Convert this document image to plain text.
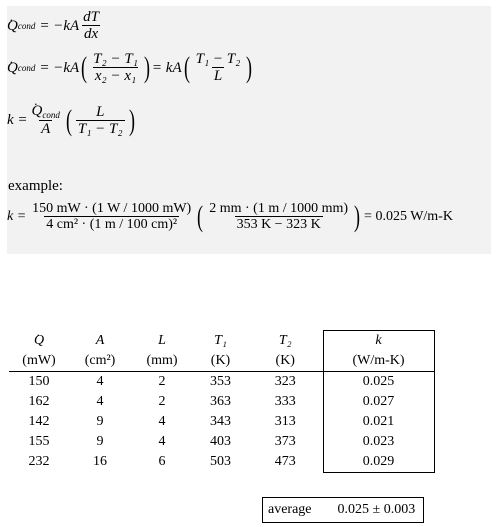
. Q cond = $-kA \frac{dT}{dx}$
. Q cond = −kA ( $\frac{\text{T₂ − T₁}}{\text{x₂ − x₁}}$ ) = kA ( $\frac{\text{T₁ − T₂}}{L}$ )
k = . $\frac{Q_{cond}}{A}$ ( $\frac{L}{\text{T₁ − T₂}}$ )
example:
$k = \frac{150 mW \cdot (1 W / 1000 mW)}{\text{4 cm² · (1 m / 100 cm)²}}$ ( $\frac{2 mm \cdot (1 m / 1000 mm)}{353 K - 323 K}$ ) = 0.025 W/m-K
. Q	A	L	T₁	T₂	k
(mW)	(cm²)	(mm)	(K)	(K)	(W/m-K)
150	4	2	353	323	0.025
162	4	2	363	333	0.027
142	9	4	343	313	0.021
155	9	4	403	373	0.023
232	16	6	503	473	0.029
average 0.025 ± 0.003
